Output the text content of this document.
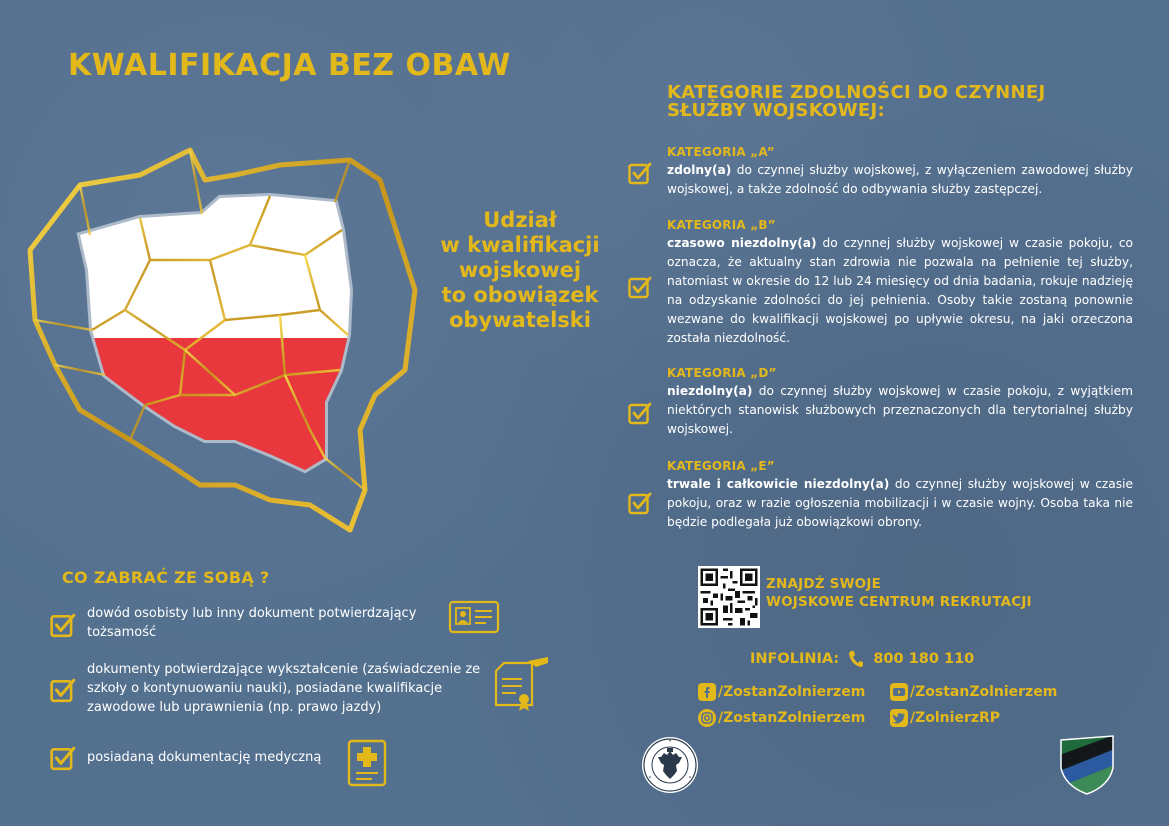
KWALIFIKACJA BEZ OBAW
Udział
w kwalifikacji
wojskowej
to obowiązek
obywatelski
KATEGORIE ZDOLNOŚCI DO CZYNNEJ
SŁUŻBY WOJSKOWEJ:
KATEGORIA „A”
zdolny(a) do czynnej służby wojskowej, z wyłączeniem zawodowej służby wojskowej, a także zdolność do odbywania służby zastępczej.
KATEGORIA „B”
czasowo niezdolny(a) do czynnej służby wojskowej w czasie pokoju, co oznacza, że aktualny stan zdrowia nie pozwala na pełnienie tej służby, natomiast w okresie do 12 lub 24 miesięcy od dnia badania, rokuje nadzieję na odzyskanie zdolności do jej pełnienia. Osoby takie zostaną ponownie wezwane do kwalifikacji wojskowej po upływie okresu, na jaki orzeczona została niezdolność.
KATEGORIA „D”
niezdolny(a) do czynnej służby wojskowej w czasie pokoju, z wyjątkiem niektórych stanowisk służbowych przeznaczonych dla terytorialnej służby wojskowej.
KATEGORIA „E”
trwale i całkowicie niezdolny(a) do czynnej służby wojskowej w czasie pokoju, oraz w razie ogłoszenia mobilizacji i w czasie wojny. Osoba taka nie będzie podlegała już obowiązkowi obrony.
CO ZABRAĆ ZE SOBĄ ?
dowód osobisty lub inny dokument potwierdzający tożsamość
dokumenty potwierdzające wykształcenie (zaświadczenie ze szkoły o kontynuowaniu nauki), posiadane kwalifikacje zawodowe lub uprawnienia (np. prawo jazdy)
posiadaną dokumentację medyczną
ZNAJDŹ SWOJE
WOJSKOWE CENTRUM REKRUTACJI
INFOLINIA: 800 180 110
/ZostanZolnierzem	/ZostanZolnierzem
/ZostanZolnierzem	/ZolnierzRP
